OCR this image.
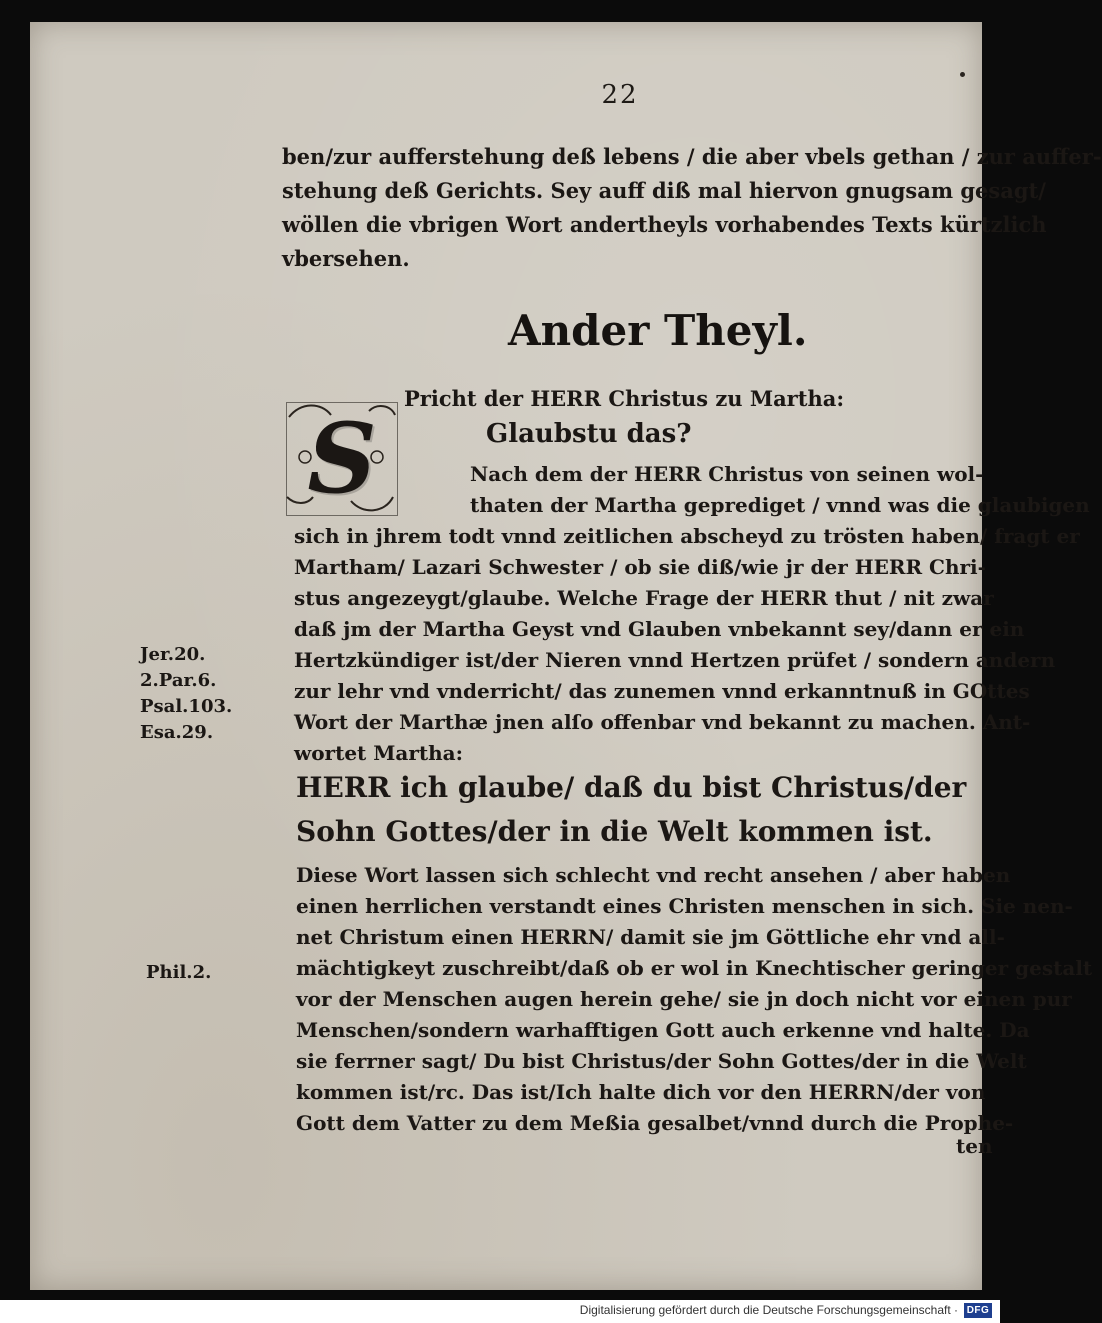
22
ben/zur aufferstehung deß lebens / die aber vbels gethan / zur auffer-
stehung deß Gerichts. Sey auff diß mal hiervon gnugsam gesagt/
wöllen die vbrigen Wort andertheyls vorhabendes Texts kürtzlich
vbersehen.
Ander Theyl.
S
Pricht der HERR Christus zu Martha:
Glaubstu das?
Nach dem der HERR Christus von seinen wol-
thaten der Martha geprediget / vnnd was die glaubigen
sich in jhrem todt vnnd zeitlichen abscheyd zu trösten haben/ fragt er
Martham/ Lazari Schwester / ob sie diß/wie jr der HERR Chri-
stus angezeygt/glaube. Welche Frage der HERR thut / nit zwar
daß jm der Martha Geyst vnd Glauben vnbekannt sey/dann er ein
Hertzkündiger ist/der Nieren vnnd Hertzen prüfet / sondern andern
zur lehr vnd vnderricht/ das zunemen vnnd erkanntnuß in GOttes
Wort der Marthæ jnen alſo offenbar vnd bekannt zu machen. Ant-
wortet Martha:
HERR ich glaube/ daß du bist Christus/der
Sohn Gottes/der in die Welt kommen ist.
Diese Wort lassen sich schlecht vnd recht ansehen / aber haben
einen herrlichen verstandt eines Christen menschen in sich. Sie nen-
net Christum einen HERRN/ damit sie jm Göttliche ehr vnd all-
mächtigkeyt zuschreibt/daß ob er wol in Knechtischer geringer gestalt
vor der Menschen augen herein gehe/ sie jn doch nicht vor einen pur
Menschen/sondern warhafftigen Gott auch erkenne vnd halte. Da
sie ferrner sagt/ Du bist Christus/der Sohn Gottes/der in die Welt
kommen ist/rc. Das ist/Ich halte dich vor den HERRN/der von
Gott dem Vatter zu dem Meßia gesalbet/vnnd durch die Prophe-
ten
Jer.20.
2.Par.6.
Psal.103.
Esa.29.
Phil.2.
Digitalisierung gefördert durch die Deutsche Forschungsgemeinschaft · DFG
